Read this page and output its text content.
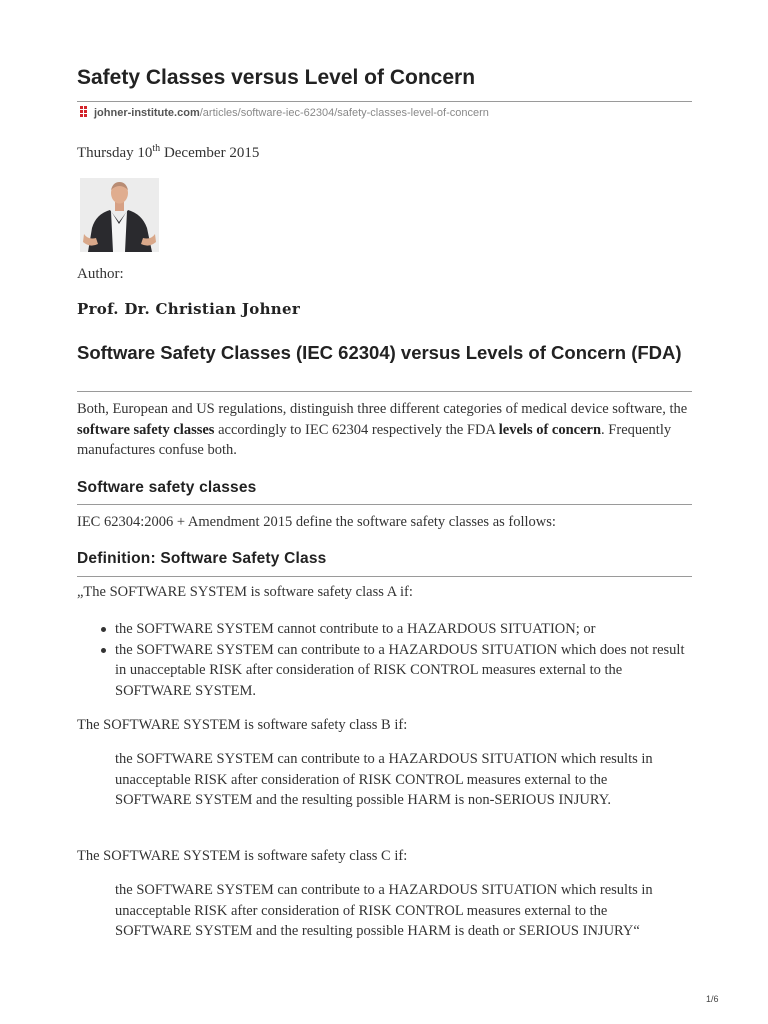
Safety Classes versus Level of Concern
johner-institute.com/articles/software-iec-62304/safety-classes-level-of-concern
Thursday 10th December 2015
Author:
Prof. Dr. Christian Johner
Software Safety Classes (IEC 62304) versus Levels of Concern (FDA)

Both, European and US regulations, distinguish three different categories of medical device software, the software safety classes accordingly to IEC 62304 respectively the FDA levels of concern. Frequently manufactures confuse both.

Software safety classes

IEC 62304:2006 + Amendment 2015 define the software safety classes as follows:

Definition: Software Safety Class

„The SOFTWARE SYSTEM is software safety class A if:

the SOFTWARE SYSTEM cannot contribute to a HAZARDOUS SITUATION; or
the SOFTWARE SYSTEM can contribute to a HAZARDOUS SITUATION which does not result in unacceptable RISK after consideration of RISK CONTROL measures external to the SOFTWARE SYSTEM.

The SOFTWARE SYSTEM is software safety class B if:

the SOFTWARE SYSTEM can contribute to a HAZARDOUS SITUATION which results in unacceptable RISK after consideration of RISK CONTROL measures external to the SOFTWARE SYSTEM and the resulting possible HARM is non-SERIOUS INJURY.

The SOFTWARE SYSTEM is software safety class C if:

the SOFTWARE SYSTEM can contribute to a HAZARDOUS SITUATION which results in unacceptable RISK after consideration of RISK CONTROL measures external to the SOFTWARE SYSTEM and the resulting possible HARM is death or SERIOUS INJURY“

1/6
